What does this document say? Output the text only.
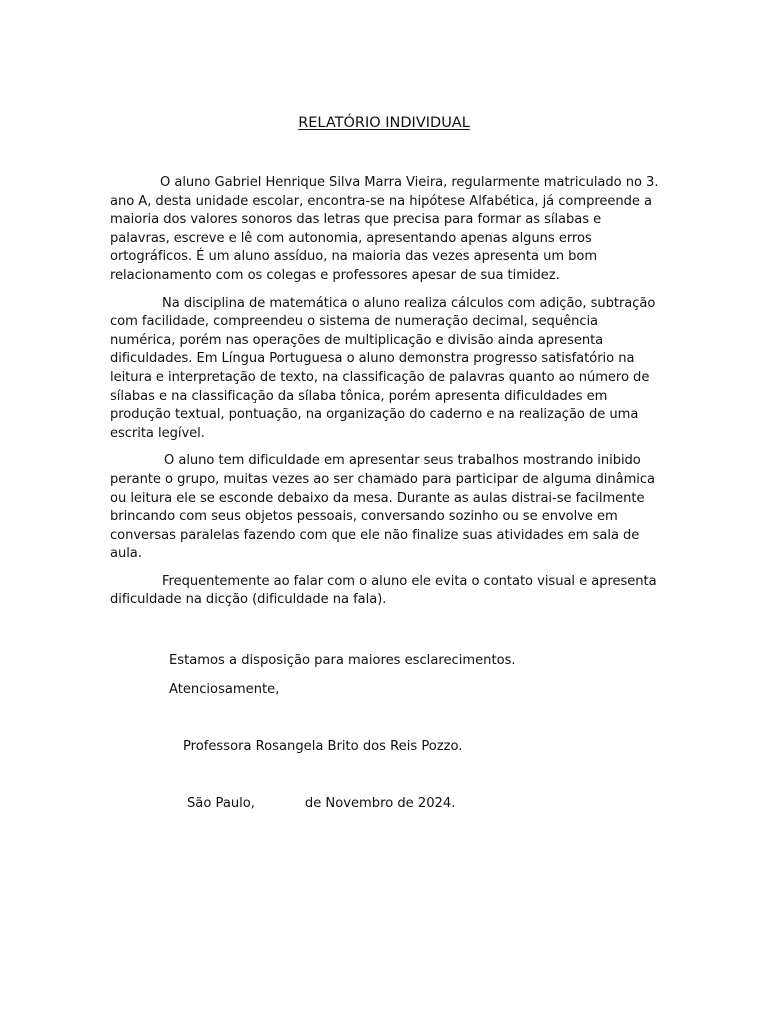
RELATÓRIO INDIVIDUAL

O aluno Gabriel Henrique Silva Marra Vieira, regularmente matriculado no 3. ano A, desta unidade escolar, encontra-se na hipótese Alfabética, já compreende a maioria dos valores sonoros das letras que precisa para formar as sílabas e palavras, escreve e lê com autonomia, apresentando apenas alguns erros ortográficos. É um aluno assíduo, na maioria das vezes apresenta um bom relacionamento com os colegas e professores apesar de sua timidez.

Na disciplina de matemática o aluno realiza cálculos com adição, subtração com facilidade, compreendeu o sistema de numeração decimal, sequência numérica, porém nas operações de multiplicação e divisão ainda apresenta dificuldades. Em Língua Portuguesa o aluno demonstra progresso satisfatório na leitura e interpretação de texto, na classificação de palavras quanto ao número de sílabas e na classificação da sílaba tônica, porém apresenta dificuldades em produção textual, pontuação, na organização do caderno e na realização de uma escrita legível.

O aluno tem dificuldade em apresentar seus trabalhos mostrando inibido perante o grupo, muitas vezes ao ser chamado para participar de alguma dinâmica ou leitura ele se esconde debaixo da mesa. Durante as aulas distrai-se facilmente brincando com seus objetos pessoais, conversando sozinho ou se envolve em conversas paralelas fazendo com que ele não finalize suas atividades em sala de aula.

Frequentemente ao falar com o aluno ele evita o contato visual e apresenta dificuldade na dicção (dificuldade na fala).

Estamos a disposição para maiores esclarecimentos.
Atenciosamente,
Professora Rosangela Brito dos Reis Pozzo.
São Paulo,            de Novembro de 2024.
